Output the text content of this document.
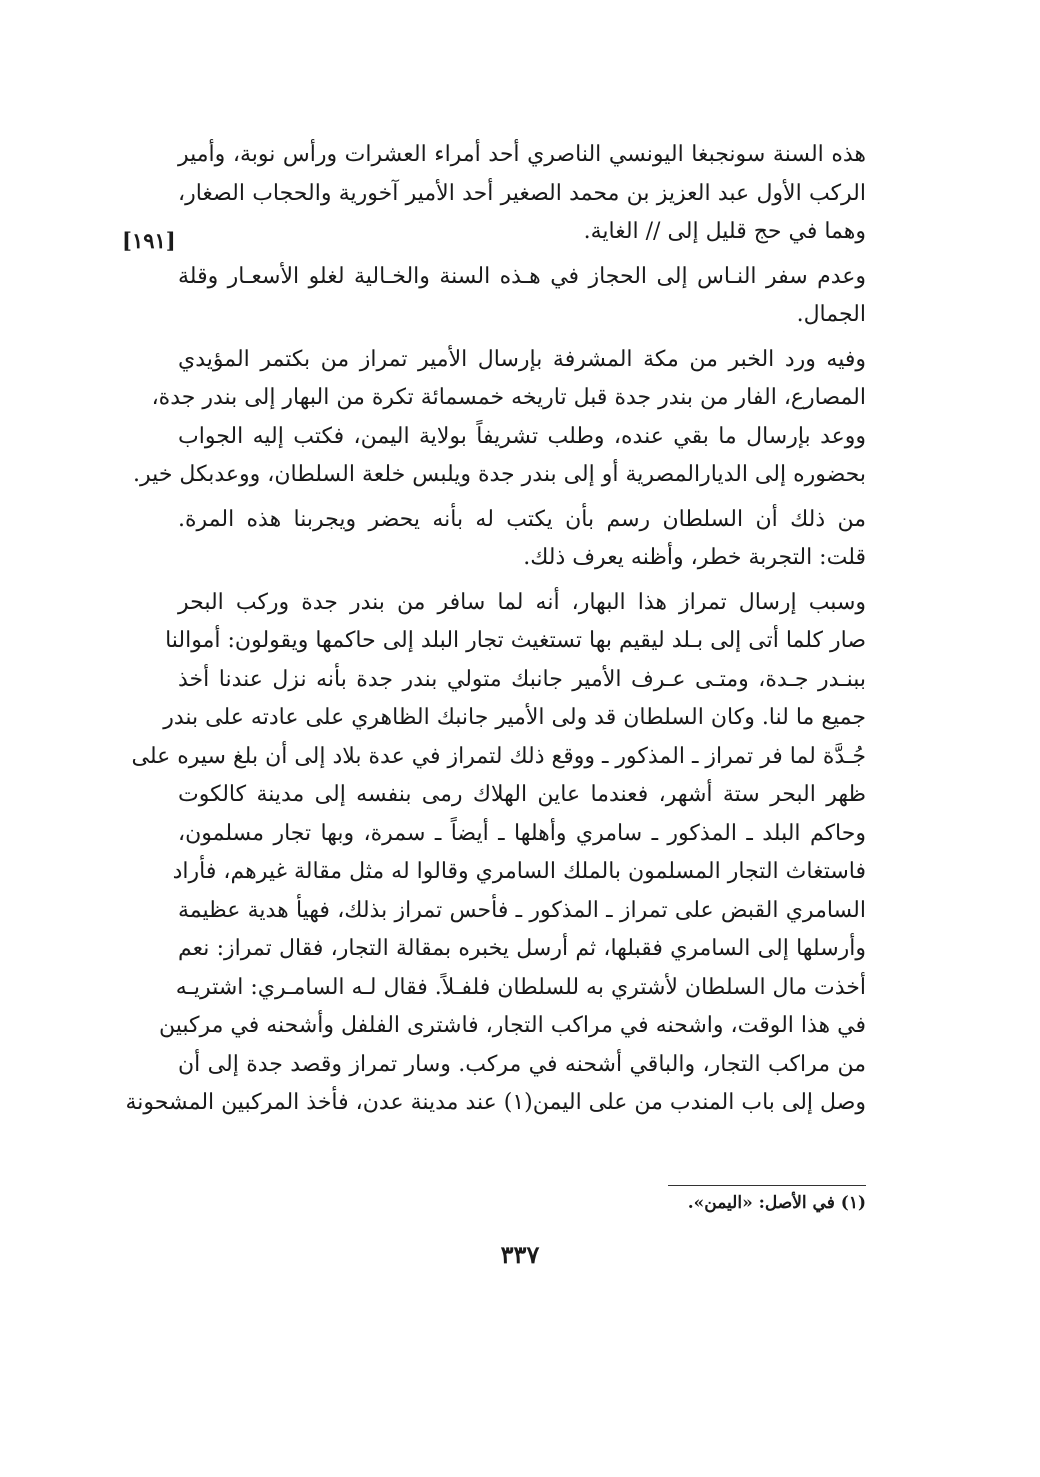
[١٩١]
هذه السنة سونجبغا اليونسي الناصري أحد أمراء العشرات ورأس نوبة، وأمير
الركب الأول عبد العزيز بن محمد الصغير أحد الأمير آخورية والحجاب الصغار،
وهما في حج قليل إلى // الغاية.
وعدم سفر النـاس إلى الحجاز في هـذه السنة والخـالية لغلو الأسعـار وقلة
الجمال.
وفيه ورد الخبر من مكة المشرفة بإرسال الأمير تمراز من بكتمر المؤيدي
المصارع، الفار من بندر جدة قبل تاريخه خمسمائة تكرة من البهار إلى بندر جدة،
ووعد بإرسال ما بقي عنده، وطلب تشريفاً بولاية اليمن، فكتب إليه الجواب
بحضوره إلى الديارالمصرية أو إلى بندر جدة ويلبس خلعة السلطان، ووعدبكل خير.
من ذلك أن السلطان رسم بأن يكتب له بأنه يحضر ويجربنا هذه المرة.
قلت: التجربة خطر، وأظنه يعرف ذلك.
وسبب إرسال تمراز هذا البهار، أنه لما سافر من بندر جدة وركب البحر
صار كلما أتى إلى بـلد ليقيم بها تستغيث تجار البلد إلى حاكمها ويقولون: أموالنا
ببنـدر جـدة، ومتـى عـرف الأمير جانبك متولي بندر جدة بأنه نزل عندنا أخذ
جميع ما لنا. وكان السلطان قد ولى الأمير جانبك الظاهري على عادته على بندر
جُـدَّة لما فر تمراز ـ المذكور ـ ووقع ذلك لتمراز في عدة بلاد إلى أن بلغ سيره على
ظهر البحر ستة أشهر، فعندما عاين الهلاك رمى بنفسه إلى مدينة كالكوت
وحاكم البلد ـ المذكور ـ سامري وأهلها ـ أيضاً ـ سمرة، وبها تجار مسلمون،
فاستغاث التجار المسلمون بالملك السامري وقالوا له مثل مقالة غيرهم، فأراد
السامري القبض على تمراز ـ المذكور ـ فأحس تمراز بذلك، فهيأ هدية عظيمة
وأرسلها إلى السامري فقبلها، ثم أرسل يخبره بمقالة التجار، فقال تمراز: نعم
أخذت مال السلطان لأشتري به للسلطان فلفـلاً. فقال لـه السامـري: اشتريـه
في هذا الوقت، واشحنه في مراكب التجار، فاشترى الفلفل وأشحنه في مركبين
من مراكب التجار، والباقي أشحنه في مركب. وسار تمراز وقصد جدة إلى أن
وصل إلى باب المندب من على اليمن(١) عند مدينة عدن، فأخذ المركبين المشحونة
(١) في الأصل: «اليمن».
٣٣٧
